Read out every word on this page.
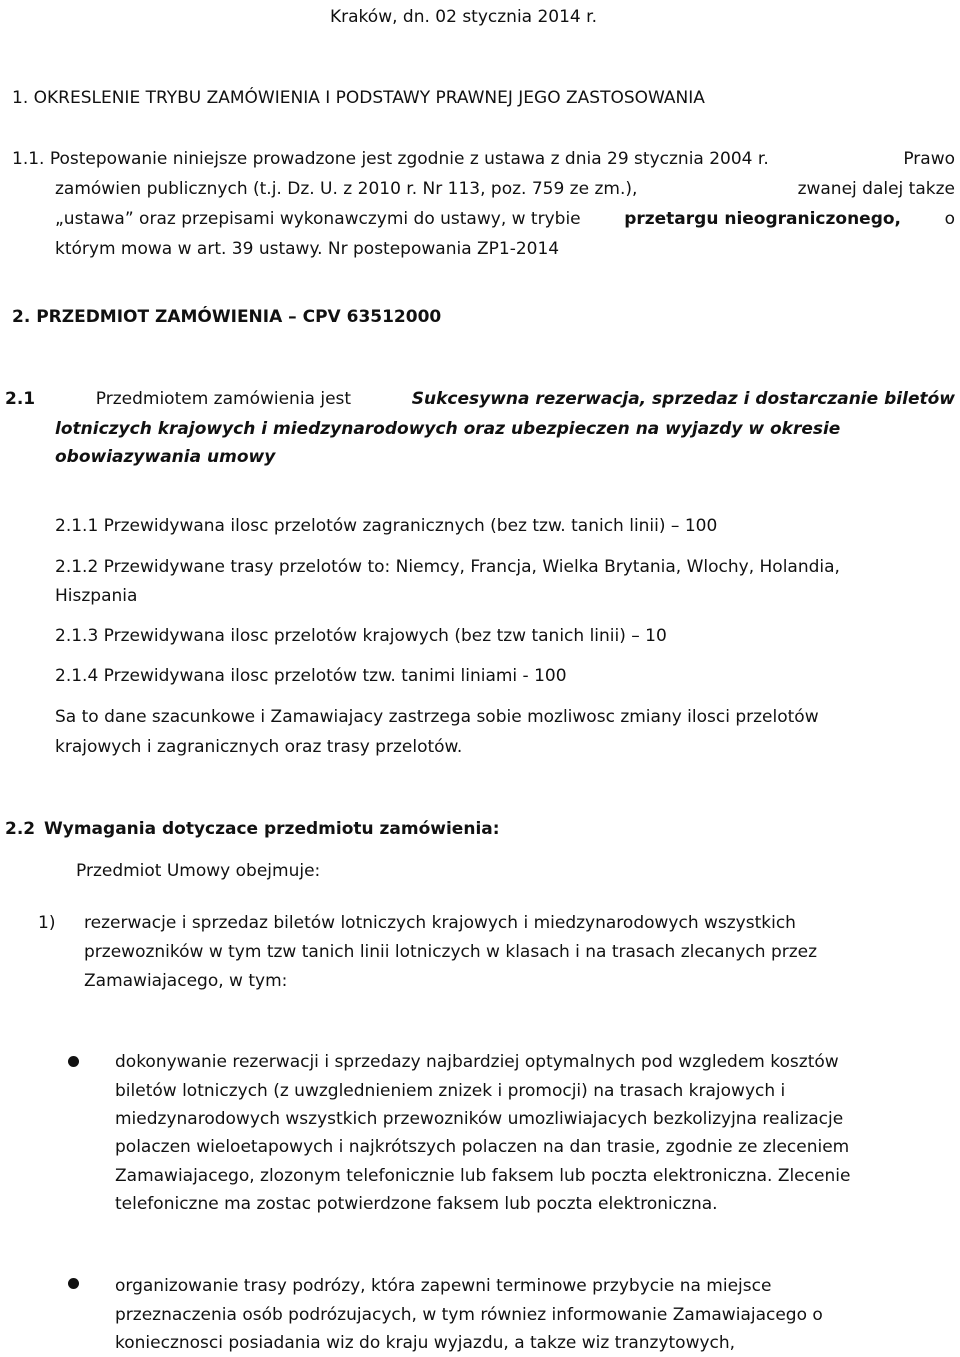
Kraków, dn. 02 stycznia 2014 r.
1. OKRESLENIE TRYBU ZAMÓWIENIA I PODSTAWY PRAWNEJ JEGO ZASTOSOWANIA
1.1. Postepowanie niniejsze prowadzone jest zgodnie z ustawa z dnia 29 stycznia 2004 r.	Prawo
zamówien publicznych (t.j. Dz. U. z 2010 r. Nr 113, poz. 759 ze zm.),	zwanej dalej takze
„ustawa” oraz przepisami wykonawczymi do ustawy, w trybie	przetargu nieograniczonego,	o
którym mowa w art. 39 ustawy. Nr postepowania ZP1-2014
2. PRZEDMIOT ZAMÓWIENIA – CPV 63512000
2.1	Przedmiotem zamówienia jest	Sukcesywna rezerwacja, sprzedaz i dostarczanie biletów
lotniczych krajowych i miedzynarodowych oraz ubezpieczen na wyjazdy w okresie
obowiazywania umowy
2.1.1 Przewidywana ilosc przelotów zagranicznych (bez tzw. tanich linii) – 100
2.1.2 Przewidywane trasy przelotów to: Niemcy, Francja, Wielka Brytania, Wlochy, Holandia,
Hiszpania
2.1.3 Przewidywana ilosc przelotów krajowych (bez tzw tanich linii) – 10
2.1.4 Przewidywana ilosc przelotów tzw. tanimi liniami - 100
Sa to dane szacunkowe i Zamawiajacy zastrzega sobie mozliwosc zmiany ilosci przelotów
krajowych i zagranicznych oraz trasy przelotów.
2.2 Wymagania dotyczace przedmiotu zamówienia:
Przedmiot Umowy obejmuje:
1) rezerwacje i sprzedaz biletów lotniczych krajowych i miedzynarodowych wszystkich
przewozników w tym tzw tanich linii lotniczych w klasach i na trasach zlecanych przez
Zamawiajacego, w tym:
dokonywanie rezerwacji i sprzedazy najbardziej optymalnych pod wzgledem kosztów
biletów lotniczych (z uwzglednieniem znizek i promocji) na trasach krajowych i
miedzynarodowych wszystkich przewozników umozliwiajacych bezkolizyjna realizacje
polaczen wieloetapowych i najkrótszych polaczen na dan trasie, zgodnie ze zleceniem
Zamawiajacego, zlozonym telefonicznie lub faksem lub poczta elektroniczna. Zlecenie
telefoniczne ma zostac potwierdzone faksem lub poczta elektroniczna.
organizowanie trasy podrózy, która zapewni terminowe przybycie na miejsce
przeznaczenia osób podrózujacych, w tym równiez informowanie Zamawiajacego o
koniecznosci posiadania wiz do kraju wyjazdu, a takze wiz tranzytowych,
